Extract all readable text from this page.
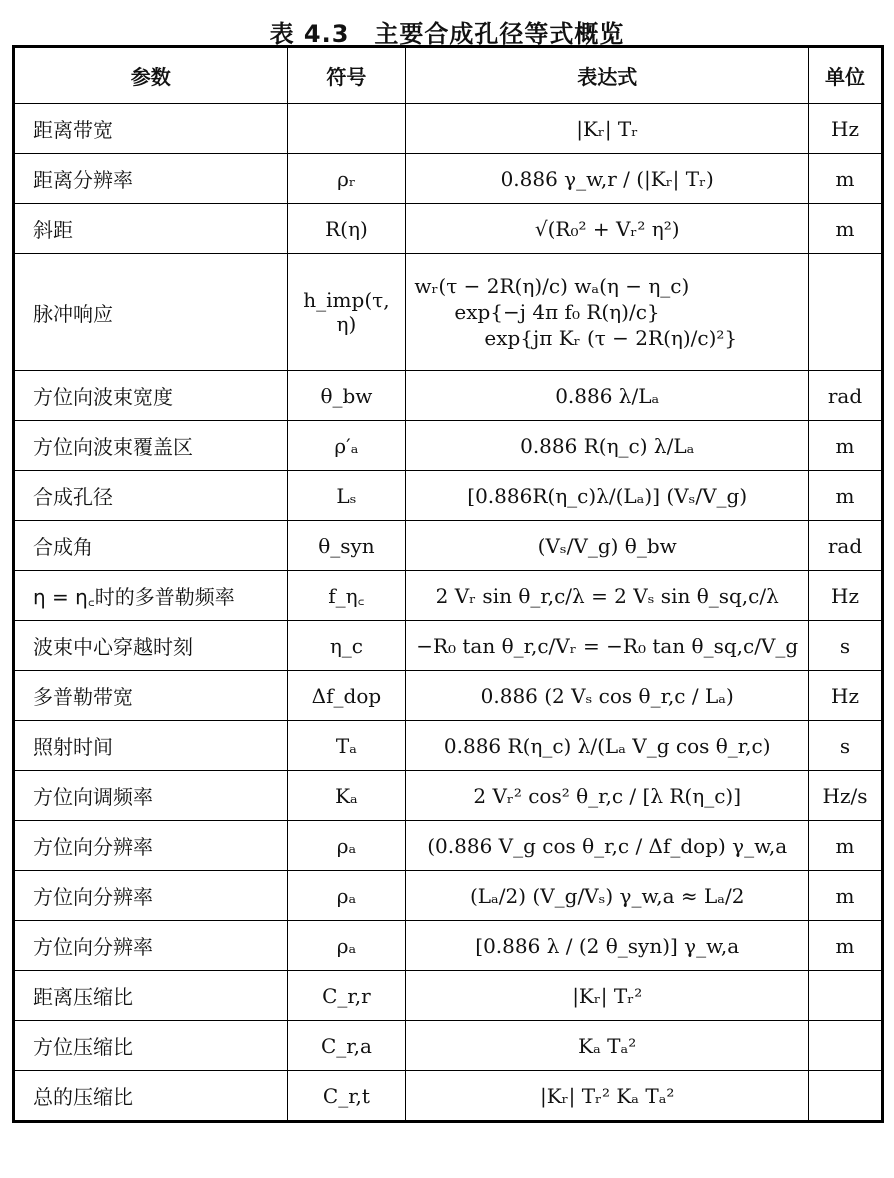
表 4.3　主要合成孔径等式概览
参数	符号	表达式	单位
距离带宽		|Kᵣ| Tᵣ	Hz
距离分辨率	ρᵣ	0.886 γ_w,r / (|Kᵣ| Tᵣ)	m
斜距	R(η)	√(R₀² + Vᵣ² η²)	m
脉冲响应	h_imp(τ, η)	wᵣ(τ − 2R(η)/c) wₐ(η − η_c)
exp{−j 4π f₀ R(η)/c}
exp{jπ Kᵣ (τ − 2R(η)/c)²}	

方位向波束宽度	θ_bw	0.886 λ/Lₐ	rad
方位向波束覆盖区	ρ′ₐ	0.886 R(η_c) λ/Lₐ	m
合成孔径	Lₛ	[0.886R(η_c)λ/(Lₐ)] (Vₛ/V_g)	m
合成角	θ_syn	(Vₛ/V_g) θ_bw	rad
η = η꜀时的多普勒频率	f_η꜀	2 Vᵣ sin θ_r,c/λ = 2 Vₛ sin θ_sq,c/λ	Hz
波束中心穿越时刻	η_c	−R₀ tan θ_r,c/Vᵣ = −R₀ tan θ_sq,c/V_g	s
多普勒带宽	Δf_dop	0.886 (2 Vₛ cos θ_r,c / Lₐ)	Hz
照射时间	Tₐ	0.886 R(η_c) λ/(Lₐ V_g cos θ_r,c)	s
方位向调频率	Kₐ	2 Vᵣ² cos² θ_r,c / [λ R(η_c)]	Hz/s
方位向分辨率	ρₐ	(0.886 V_g cos θ_r,c / Δf_dop) γ_w,a	m
方位向分辨率	ρₐ	(Lₐ/2) (V_g/Vₛ) γ_w,a ≈ Lₐ/2	m
方位向分辨率	ρₐ	[0.886 λ / (2 θ_syn)] γ_w,a	m
距离压缩比	C_r,r	|Kᵣ| Tᵣ²	
方位压缩比	C_r,a	Kₐ Tₐ²	
总的压缩比	C_r,t	|Kᵣ| Tᵣ² Kₐ Tₐ²	
